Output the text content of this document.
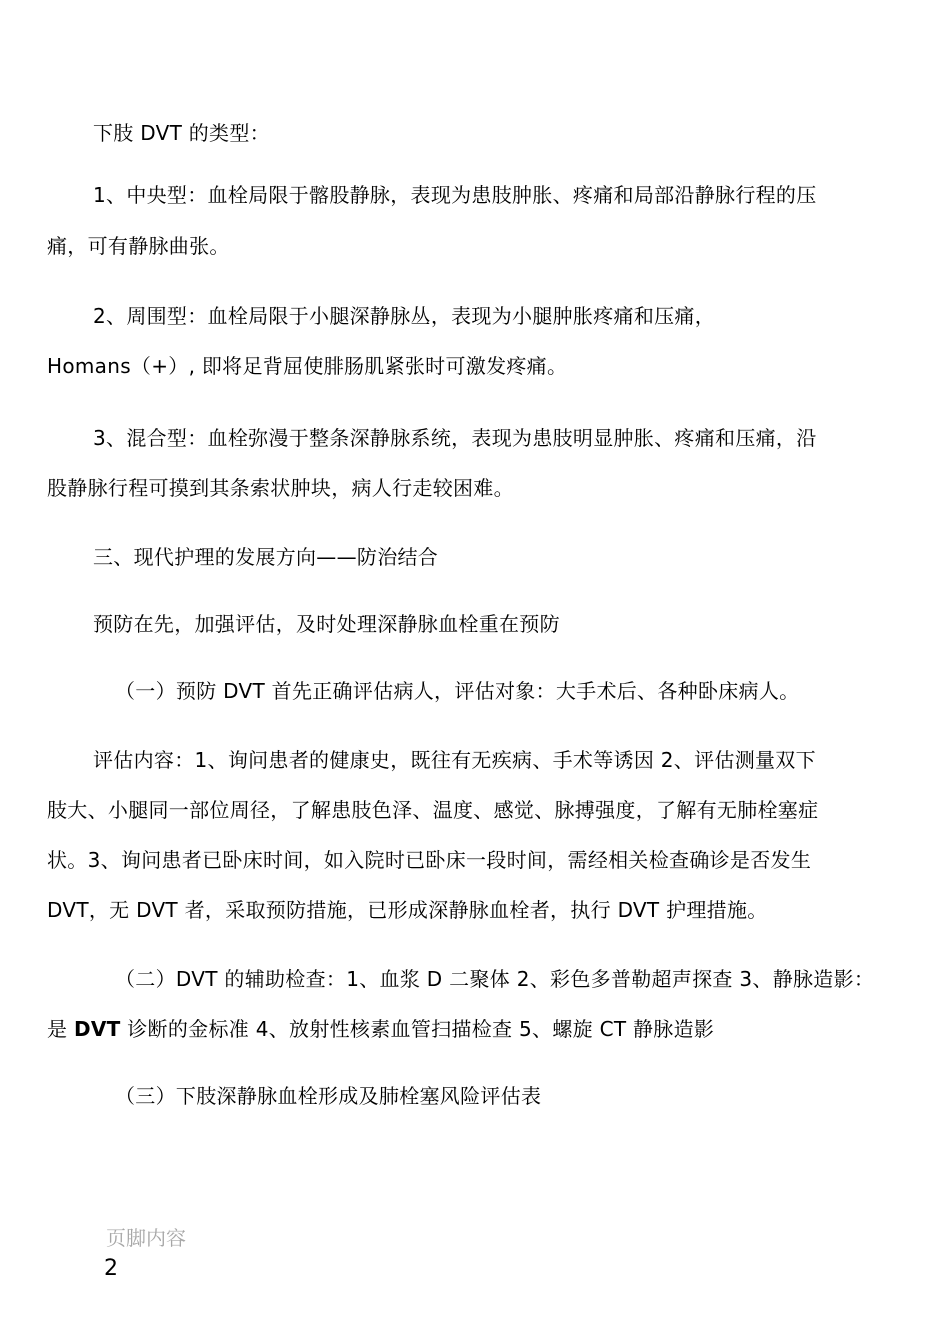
下肢 DVT 的类型：
1、中央型：血栓局限于髂股静脉，表现为患肢肿胀、疼痛和局部沿静脉行程的压
痛，可有静脉曲张。
2、周围型：血栓局限于小腿深静脉丛，表现为小腿肿胀疼痛和压痛，
Homans（+）, 即将足背屈使腓肠肌紧张时可激发疼痛。
3、混合型：血栓弥漫于整条深静脉系统，表现为患肢明显肿胀、疼痛和压痛，沿
股静脉行程可摸到其条索状肿块，病人行走较困难。
三、现代护理的发展方向——防治结合
预防在先，加强评估，及时处理深静脉血栓重在预防
（一）预防 DVT 首先正确评估病人，评估对象：大手术后、各种卧床病人。
评估内容：1、询问患者的健康史，既往有无疾病、手术等诱因 2、评估测量双下
肢大、小腿同一部位周径，了解患肢色泽、温度、感觉、脉搏强度，了解有无肺栓塞症
状。3、询问患者已卧床时间，如入院时已卧床一段时间，需经相关检查确诊是否发生
DVT，无 DVT 者，采取预防措施，已形成深静脉血栓者，执行 DVT 护理措施。
（二）DVT 的辅助检查：1、血浆 D 二聚体 2、彩色多普勒超声探查 3、静脉造影：
是 DVT 诊断的金标准 4、放射性核素血管扫描检查 5、螺旋 CT 静脉造影
（三）下肢深静脉血栓形成及肺栓塞风险评估表
页脚内容
2
